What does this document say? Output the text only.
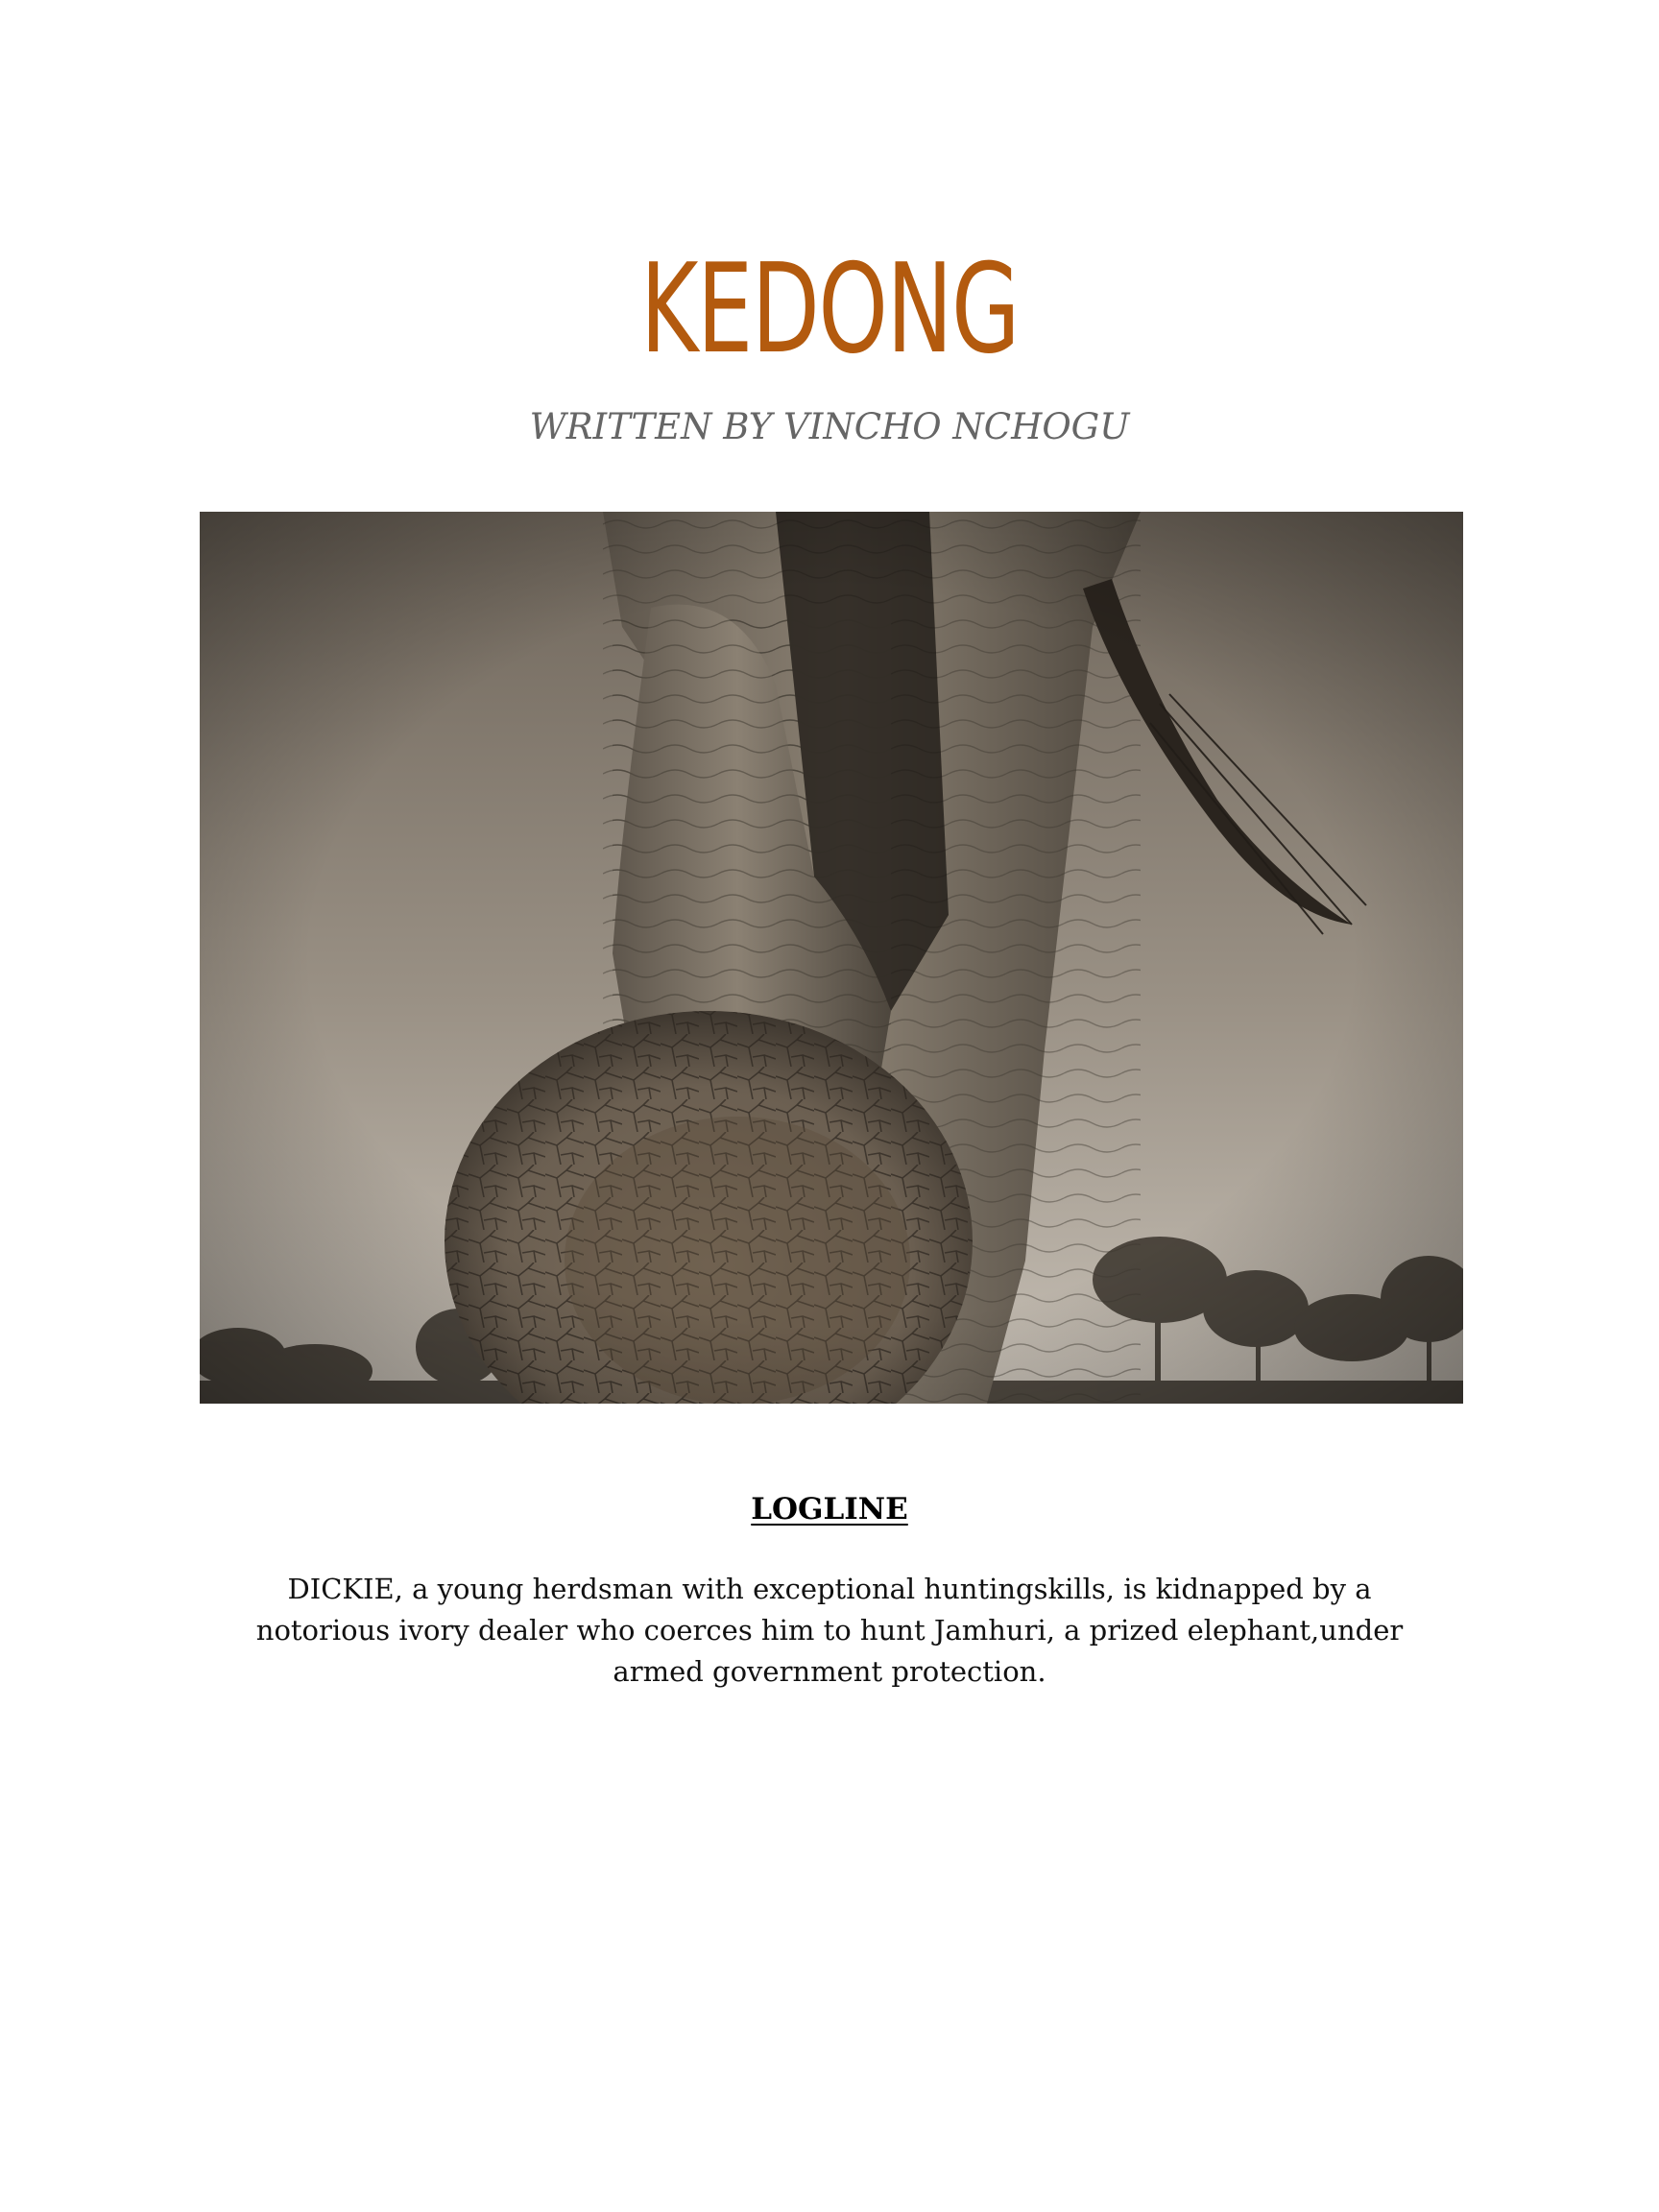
KEDONG
WRITTEN BY VINCHO NCHOGU
LOGLINE
DICKIE, a young herdsman with exceptional huntingskills, is kidnapped by a notorious ivory dealer who coerces him to hunt Jamhuri, a prized elephant,under armed government protection.
